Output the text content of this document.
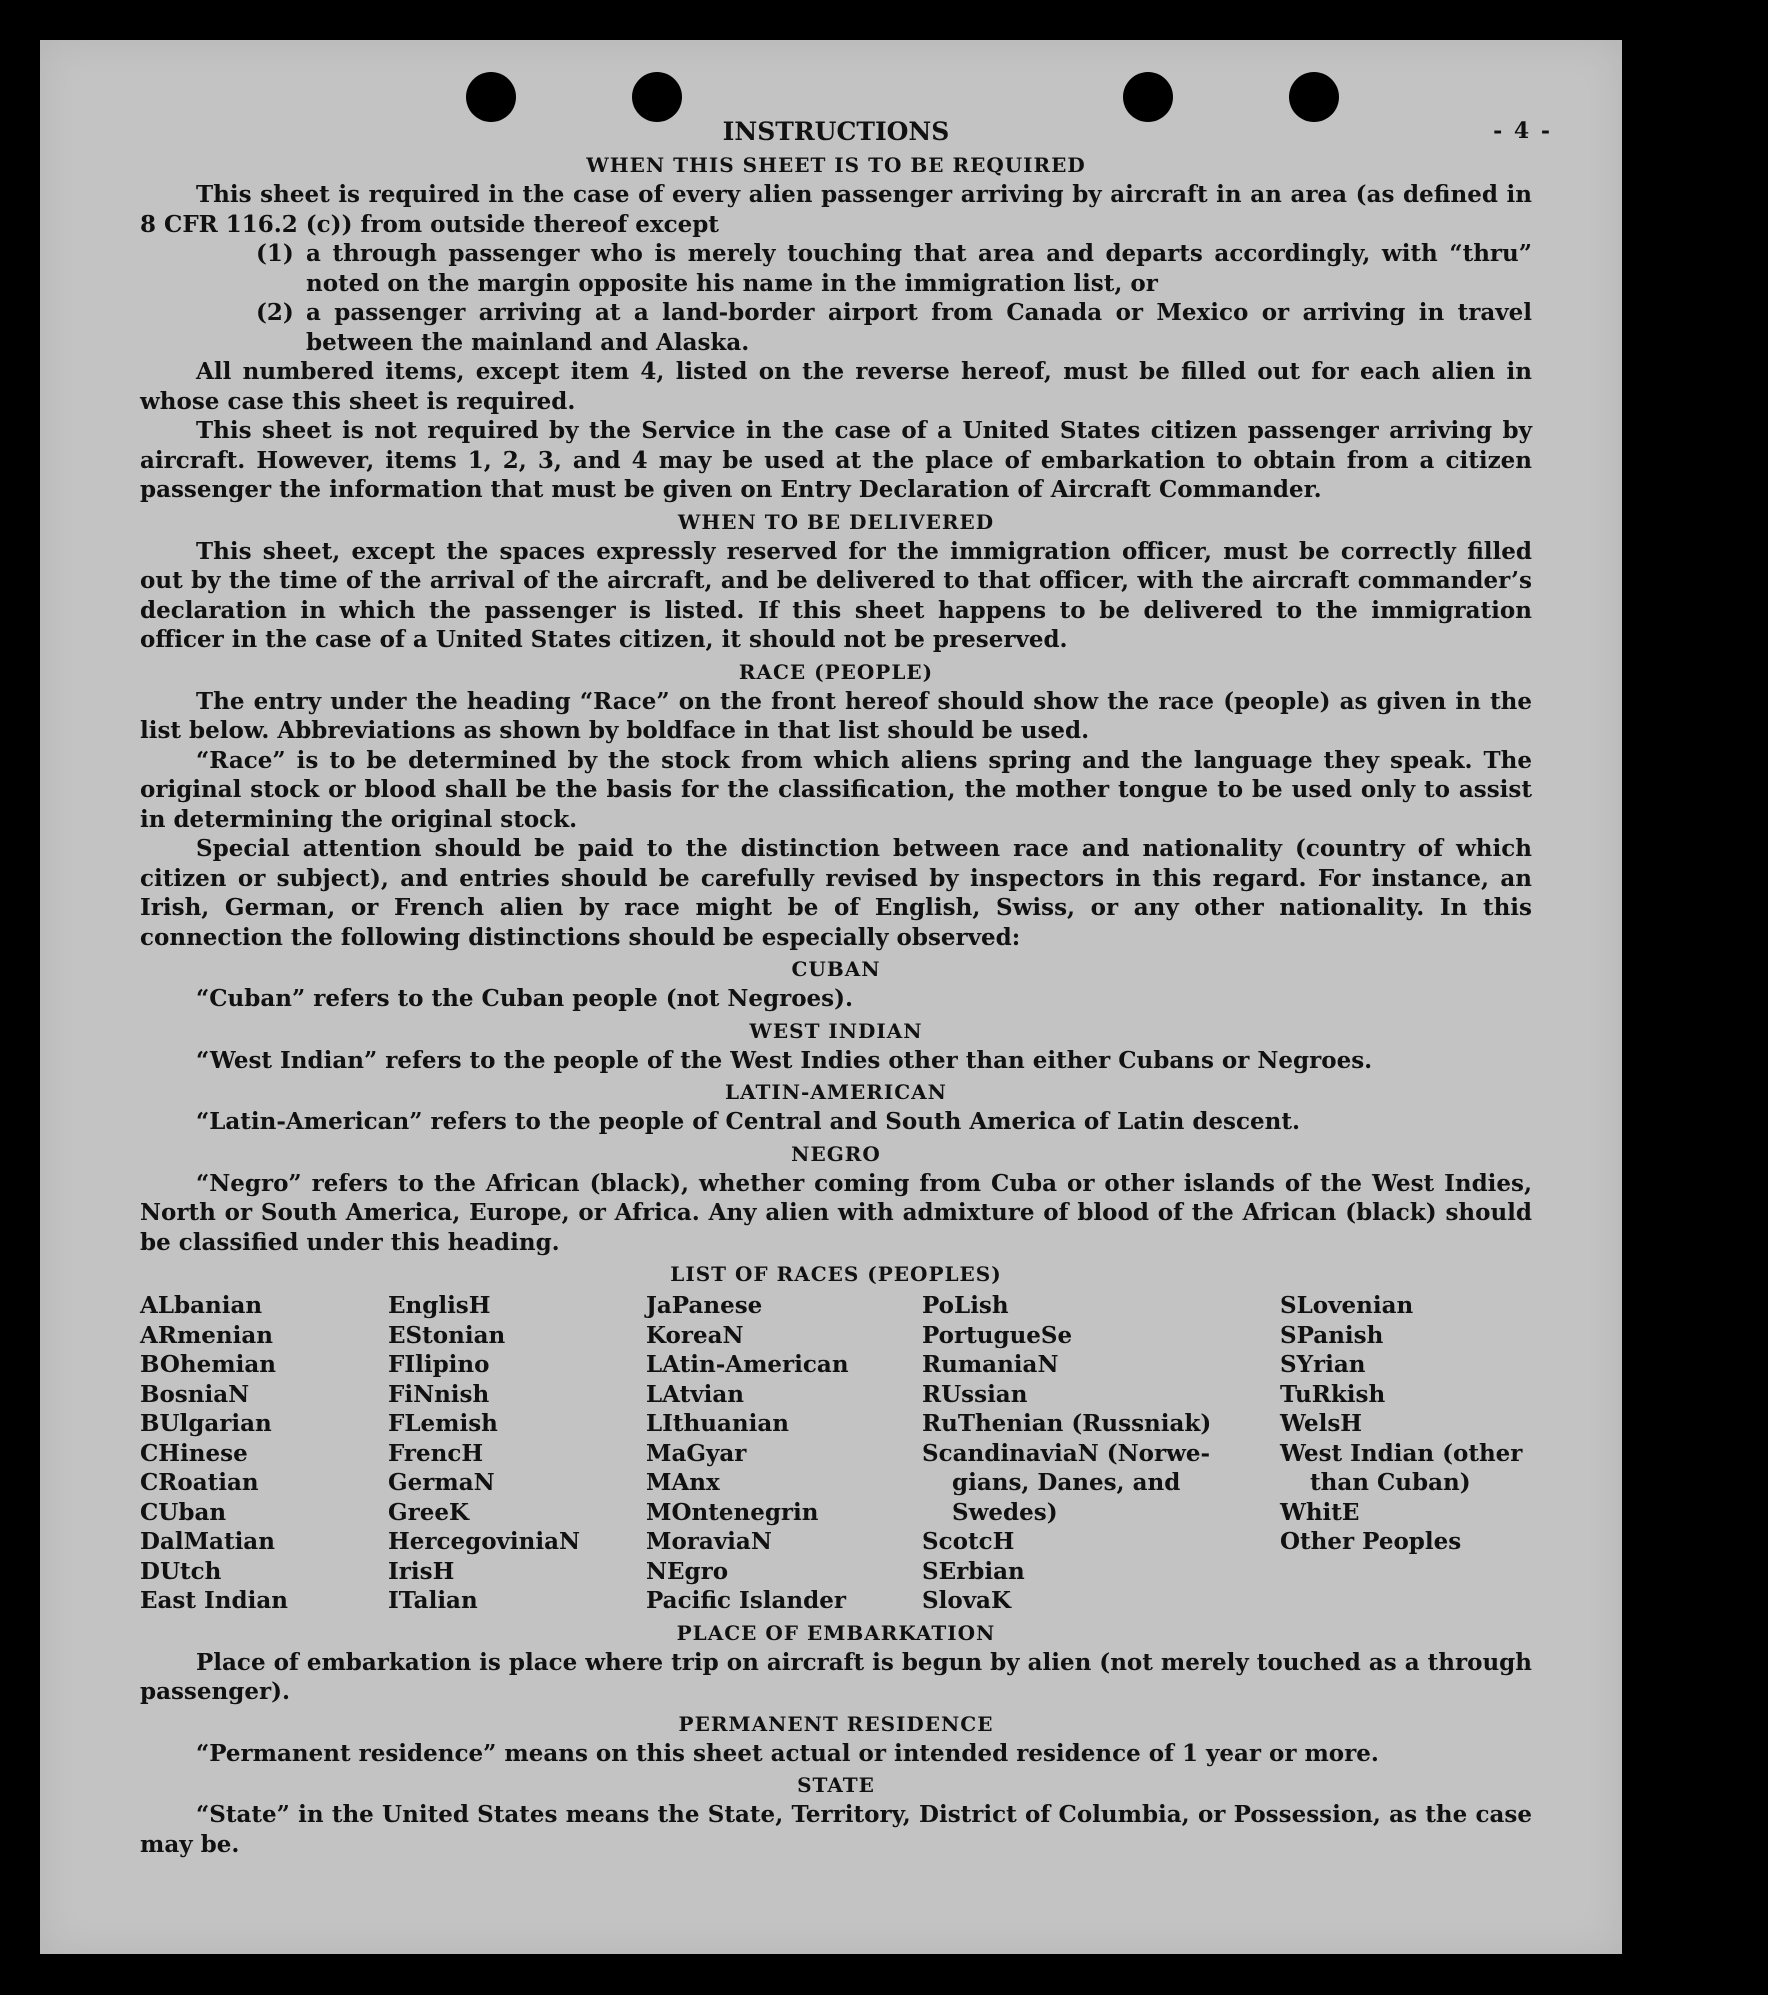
- 4 -
INSTRUCTIONS
WHEN THIS SHEET IS TO BE REQUIRED

This sheet is required in the case of every alien passenger arriving by aircraft in an area (as defined in 8 CFR 116.2 (c)) from outside thereof except

(1) a through passenger who is merely touching that area and departs accordingly, with “thru” noted on the margin opposite his name in the immigration list, or
(2) a passenger arriving at a land-border airport from Canada or Mexico or arriving in travel between the mainland and Alaska.

All numbered items, except item 4, listed on the reverse hereof, must be filled out for each alien in whose case this sheet is required.

This sheet is not required by the Service in the case of a United States citizen passenger arriving by aircraft. However, items 1, 2, 3, and 4 may be used at the place of embarkation to obtain from a citizen passenger the information that must be given on Entry Declaration of Aircraft Commander.

WHEN TO BE DELIVERED

This sheet, except the spaces expressly reserved for the immigration officer, must be correctly filled out by the time of the arrival of the aircraft, and be delivered to that officer, with the aircraft commander’s declaration in which the passenger is listed. If this sheet happens to be delivered to the immigration officer in the case of a United States citizen, it should not be preserved.

RACE (PEOPLE)

The entry under the heading “Race” on the front hereof should show the race (people) as given in the list below. Abbreviations as shown by boldface in that list should be used.

“Race” is to be determined by the stock from which aliens spring and the language they speak. The original stock or blood shall be the basis for the classification, the mother tongue to be used only to assist in determining the original stock.

Special attention should be paid to the distinction between race and nationality (country of which citizen or subject), and entries should be carefully revised by inspectors in this regard. For instance, an Irish, German, or French alien by race might be of English, Swiss, or any other nationality. In this connection the following distinctions should be especially observed:

CUBAN

“Cuban” refers to the Cuban people (not Negroes).

WEST INDIAN

“West Indian” refers to the people of the West Indies other than either Cubans or Negroes.

LATIN-AMERICAN

“Latin-American” refers to the people of Central and South America of Latin descent.

NEGRO

“Negro” refers to the African (black), whether coming from Cuba or other islands of the West Indies, North or South America, Europe, or Africa. Any alien with admixture of blood of the African (black) should be classified under this heading.

LIST OF RACES (PEOPLES)
ALbanian
ARmenian
BOhemian
BosniaN
BUlgarian
CHinese
CRoatian
CUban
DalMatian
DUtch
East Indian
EnglisH
EStonian
FIlipino
FiNnish
FLemish
FrencH
GermaN
GreeK
HercegoviniaN
IrisH
ITalian
JaPanese
KoreaN
LAtin-American
LAtvian
LIthuanian
MaGyar
MAnx
MOntenegrin
MoraviaN
NEgro
Pacific Islander
PoLish
PortugueSe
RumaniaN
RUssian
RuThenian (Russniak)
ScandinaviaN (Norwe-
gians, Danes, and
Swedes)
ScotcH
SErbian
SlovaK
SLovenian
SPanish
SYrian
TuRkish
WelsH
West Indian (other
than Cuban)
WhitE
Other Peoples
PLACE OF EMBARKATION

Place of embarkation is place where trip on aircraft is begun by alien (not merely touched as a through passenger).

PERMANENT RESIDENCE

“Permanent residence” means on this sheet actual or intended residence of 1 year or more.

STATE

“State” in the United States means the State, Territory, District of Columbia, or Possession, as the case may be.
